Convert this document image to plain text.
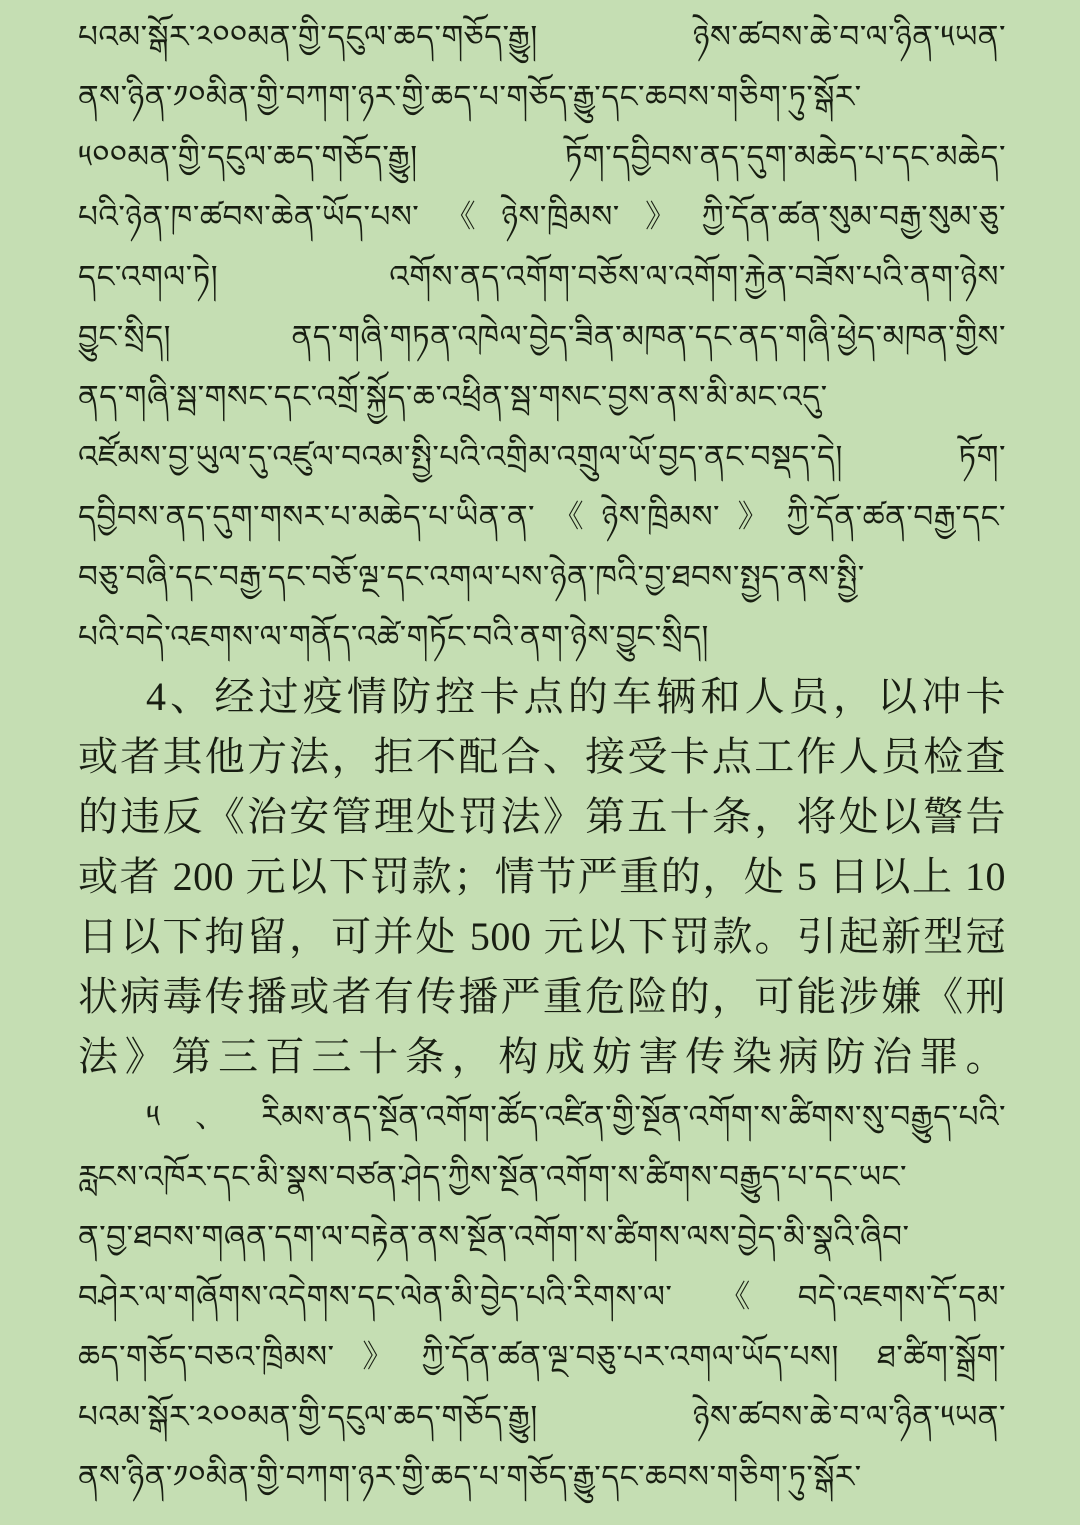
པའམ་སྒོར་༢༠༠མན་གྱི་དངུལ་ཆད་གཅོད་རྒྱུ། ཉེས་ཚབས་ཆེ་བ་ལ་ཉིན་༥ཡན་
ནས་ཉིན་༡༠མིན་གྱི་བཀག་ཉར་གྱི་ཆད་པ་གཅོད་རྒྱུ་དང་ཆབས་གཅིག་ཏུ་སྒོར་
༥༠༠མན་གྱི་དངུལ་ཆད་གཅོད་རྒྱུ། ཏོག་དབྱིབས་ནད་དུག་མཆེད་པ་དང་མཆེད་
པའི་ཉེན་ཁ་ཚབས་ཆེན་ཡོད་པས་《ཉེས་ཁྲིམས་》ཀྱི་དོན་ཚན་སུམ་བརྒྱ་སུམ་ཅུ་
དང་འགལ་ཏེ། འགོས་ནད་འགོག་བཅོས་ལ་འགོག་རྐྱེན་བཟོས་པའི་ནག་ཉེས་
བྱུང་སྲིད། ནད་གཞི་གཏན་འཁེལ་བྱེད་ཟིན་མཁན་དང་ནད་གཞི་ཕྱེད་མཁན་གྱིས་
ནད་གཞི་སྦ་གསང་དང་འགྲོ་སྐྱོད་ཆ་འཕྲིན་སྦ་གསང་བྱས་ནས་མི་མང་འདུ་
འཛོམས་བྱ་ཡུལ་དུ་འཛུལ་བའམ་སྤྱི་པའི་འགྲིམ་འགྲུལ་ཡོ་བྱད་ནང་བསྡད་དེ། ཏོག་
དབྱིབས་ནད་དུག་གསར་པ་མཆེད་པ་ཡིན་ན་《ཉེས་ཁྲིམས་》ཀྱི་དོན་ཚན་བརྒྱ་དང་
བཅུ་བཞི་དང་བརྒྱ་དང་བཅོ་ལྔ་དང་འགལ་པས་ཉེན་ཁའི་བྱ་ཐབས་སྤྱད་ནས་སྤྱི་
པའི་བདེ་འཇགས་ལ་གནོད་འཚེ་གཏོང་བའི་ནག་ཉེས་བྱུང་སྲིད།
4、经过疫情防控卡点的车辆和人员，以冲卡
或者其他方法，拒不配合、接受卡点工作人员检查
的违反《治安管理处罚法》第五十条，将处以警告
或者 200 元以下罚款；情节严重的，处 5 日以上 10
日以下拘留，可并处 500 元以下罚款。引起新型冠
状病毒传播或者有传播严重危险的，可能涉嫌《刑
法》第三百三十条，构成妨害传染病防治罪。
༥、རིམས་ནད་སྔོན་འགོག་ཚོད་འཛིན་གྱི་སྔོན་འགོག་ས་ཚིགས་སུ་བརྒྱུད་པའི་
རླངས་འཁོར་དང་མི་སྣས་བཙན་ཤེད་ཀྱིས་སྔོན་འགོག་ས་ཚིགས་བརྒྱུད་པ་དང་ཡང་
ན་བྱ་ཐབས་གཞན་དག་ལ་བརྟེན་ནས་སྔོན་འགོག་ས་ཚིགས་ལས་བྱེད་མི་སྣའི་ཞིབ་
བཤེར་ལ་གཞོགས་འདེགས་དང་ལེན་མི་བྱེད་པའི་རིགས་ལ་《བདེ་འཇགས་དོ་དམ་
ཆད་གཅོད་བཅའ་ཁྲིམས་》ཀྱི་དོན་ཚན་ལྔ་བཅུ་པར་འགལ་ཡོད་པས། ཐ་ཚིག་སྒྲོག་
པའམ་སྒོར་༢༠༠མན་གྱི་དངུལ་ཆད་གཅོད་རྒྱུ། ཉེས་ཚབས་ཆེ་བ་ལ་ཉིན་༥ཡན་
ནས་ཉིན་༡༠མིན་གྱི་བཀག་ཉར་གྱི་ཆད་པ་གཅོད་རྒྱུ་དང་ཆབས་གཅིག་ཏུ་སྒོར་
